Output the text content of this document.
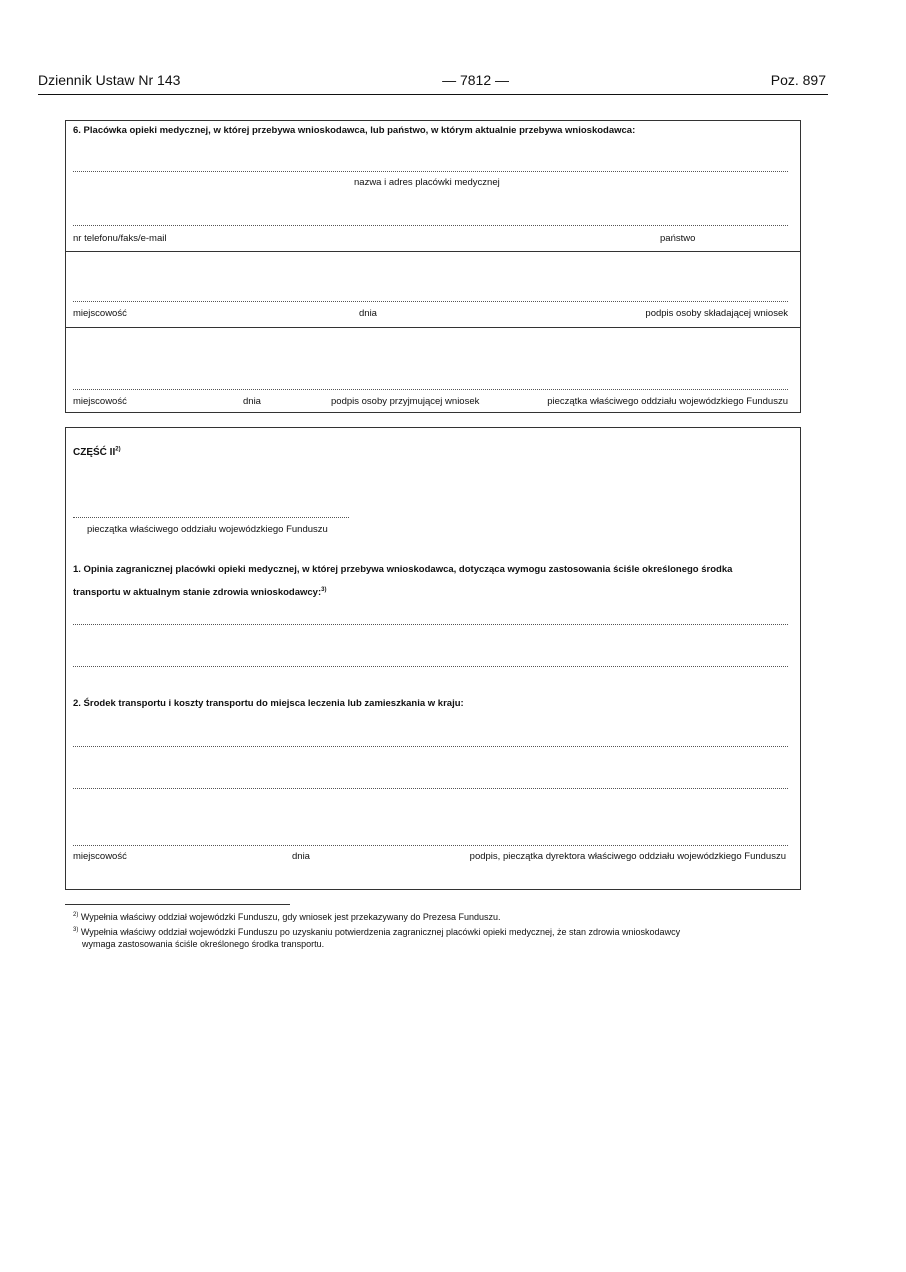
Dziennik Ustaw Nr 143	— 7812 —	Poz. 897
6. Placówka opieki medycznej, w której przebywa wnioskodawca, lub państwo, w którym aktualnie przebywa wnioskodawca:
nazwa i adres placówki medycznej
nr telefonu/faks/e-mail	państwo
miejscowość	dnia	podpis osoby składającej wniosek
miejscowość	dnia	podpis osoby przyjmującej wniosek	pieczątka właściwego oddziału wojewódzkiego Funduszu
CZĘŚĆ II$^{2)}$
pieczątka właściwego oddziału wojewódzkiego Funduszu
1. Opinia zagranicznej placówki opieki medycznej, w której przebywa wnioskodawca, dotycząca wymogu zastosowania ściśle określonego środka
transportu w aktualnym stanie zdrowia wnioskodawcy:$^{3)}$
2. Środek transportu i koszty transportu do miejsca leczenia lub zamieszkania w kraju:
miejscowość	dnia	podpis, pieczątka dyrektora właściwego oddziału wojewódzkiego Funduszu
$^{2)}$ Wypełnia właściwy oddział wojewódzki Funduszu, gdy wniosek jest przekazywany do Prezesa Funduszu.
$^{3)}$ Wypełnia właściwy oddział wojewódzki Funduszu po uzyskaniu potwierdzenia zagranicznej placówki opieki medycznej, że stan zdrowia wnioskodawcy
wymaga zastosowania ściśle określonego środka transportu.
